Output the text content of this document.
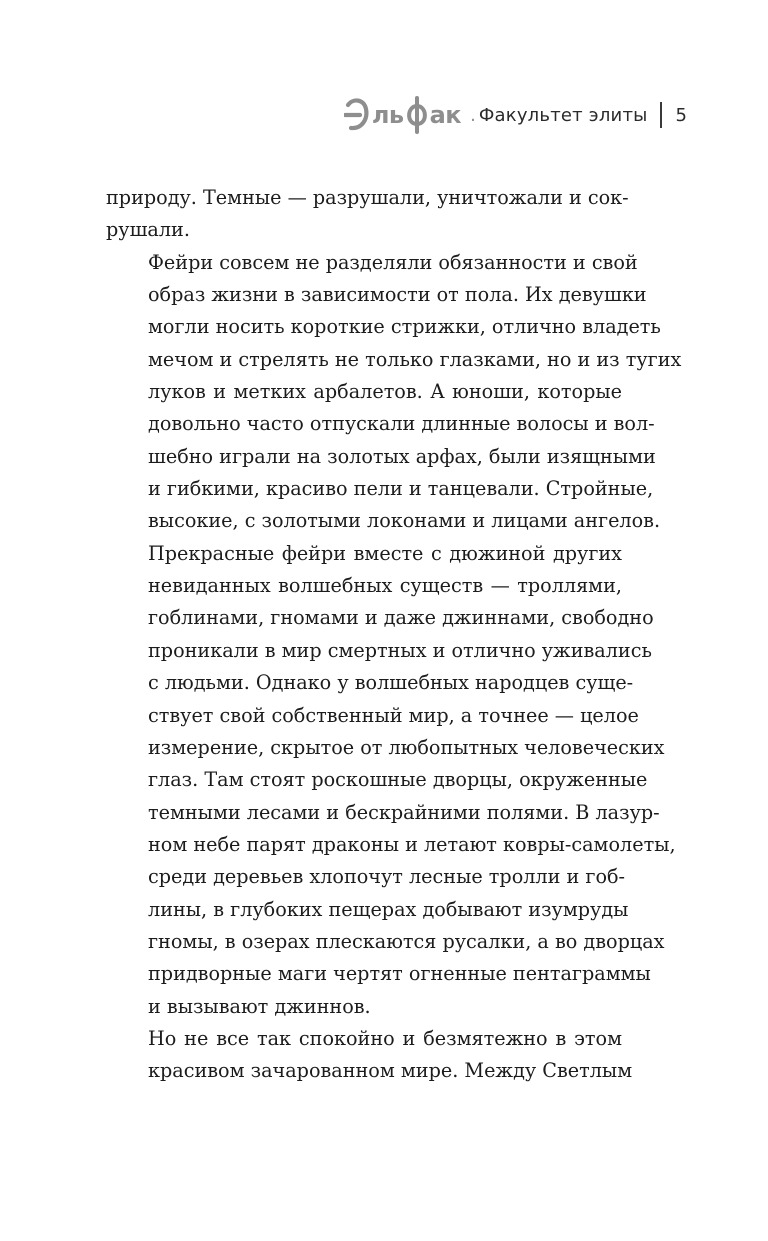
ль ак . Факультет элиты 5

природу. Темные — разрушали, уничтожали и сок-
рушали.

Фейри совсем не разделяли обязанности и свой
образ жизни в зависимости от пола. Их девушки
могли носить короткие стрижки, отлично владеть
мечом и стрелять не только глазками, но и из тугих
луков и метких арбалетов. А юноши, которые
довольно часто отпускали длинные волосы и вол-
шебно играли на золотых арфах, были изящными
и гибкими, красиво пели и танцевали. Стройные,
высокие, с золотыми локонами и лицами ангелов.
Прекрасные фейри вместе с дюжиной других
невиданных волшебных существ — троллями,
гоблинами, гномами и даже джиннами, свободно
проникали в мир смертных и отлично уживались
с людьми. Однако у волшебных народцев суще-
ствует свой собственный мир, а точнее — целое
измерение, скрытое от любопытных человеческих
глаз. Там стоят роскошные дворцы, окруженные
темными лесами и бескрайними полями. В лазур-
ном небе парят драконы и летают ковры-самолеты,
среди деревьев хлопочут лесные тролли и гоб-
лины, в глубоких пещерах добывают изумруды
гномы, в озерах плескаются русалки, а во дворцах
придворные маги чертят огненные пентаграммы
и вызывают джиннов.

Но не все так спокойно и безмятежно в этом
красивом зачарованном мире. Между Светлым
